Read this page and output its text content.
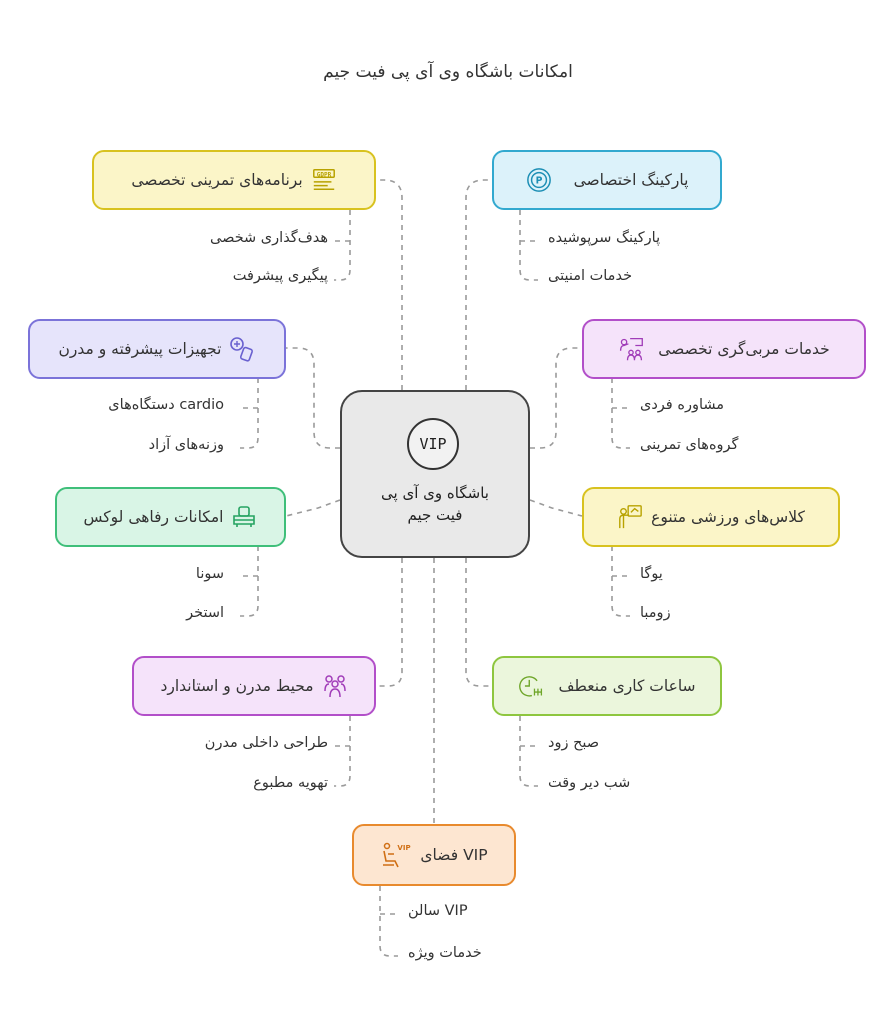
امکانات باشگاه وی آی پی فیت جیم
VIP
باشگاه وی آی پی
فیت جیم
GDPR
برنامه‌های تمرینی تخصصی
هدف‌گذاری شخصی
پیگیری پیشرفت
تجهیزات پیشرفته و مدرن
cardio دستگاه‌های
وزنه‌های آزاد
امکانات رفاهی لوکس
سونا
استخر
محیط مدرن و استاندارد
طراحی داخلی مدرن
تهویه مطبوع
پارکینگ اختصاصی
P
پارکینگ سرپوشیده
خدمات امنیتی
خدمات مربی‌گری تخصصی
مشاوره فردی
گروه‌های تمرینی
کلاس‌های ورزشی متنوع
یوگا
زومبا
ساعات کاری منعطف
صبح زود
شب دیر وقت
VIP فضای
VIP
VIP سالن
خدمات ویژه
